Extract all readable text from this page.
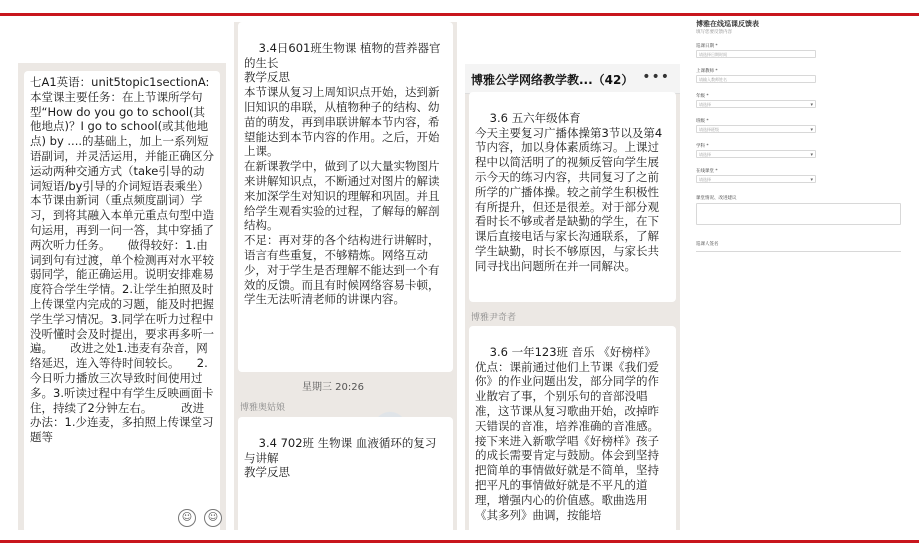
七A1英语：unit5topic1sectionA:本堂课主要任务：在上节课所学句型“How do you go to school(其他地点)？I go to school(或其他地点) by ....的基础上，加上一系列短语副词，并灵活运用，并能正确区分运动两种交通方式（take引导的动词短语/by引导的介词短语表乘坐）本节课由新词（重点频度副词）学习，到将其融入本单元重点句型中造句运用，再到一问一答，其中穿插了两次听力任务。　　做得较好：1.由词到句有过渡，单个检测再对水平较弱同学，能正确运用。说明安排难易度符合学生学情。2.让学生拍照及时上传课堂内完成的习题，能及时把握学生学习情况。3.同学在听力过程中没听懂时会及时提出，要求再多听一遍。　　改进之处1.违麦有杂音，网络延迟，连入等待时间较长。　　2.今日听力播放三次导致时间使用过多。3.听读过程中有学生反映画面卡住，持续了2分钟左右。　　　改进办法：1.少连麦，多拍照上传课堂习题等
☺	☺

3.4日601班生物课 植物的营养器官的生长
教学反思
本节课从复习上周知识点开始，达到新旧知识的串联，从植物种子的结构、幼苗的萌发，再到串联讲解本节内容，希望能达到本节内容的作用。之后，开始上课。
在新课教学中，做到了以大量实物图片来讲解知识点，不断通过对图片的解读来加深学生对知识的理解和巩固。并且给学生观看实验的过程，了解每的解剖结构。
不足：再对芽的各个结构进行讲解时，语言有些重复，不够精炼。网络互动少，对于学生是否理解不能达到一个有效的反馈。而且有时候网络容易卡顿，学生无法听清老师的讲课内容。

星期三 20:26
博雅奥姑娘

3.4 702班 生物课 血液循环的复习与讲解
教学反思

博雅公学网络教学教...（42） •••

3.6 五六年级体育
今天主要复习广播体操第3节以及第4节内容，加以身体素质练习。上课过程中以简活明了的视频反管向学生展示今天的练习内容，共同复习了之前所学的广播体操。较之前学生积极性有所提升，但还是很差。对于部分观看时长不够或者是缺勤的学生，在下课后直接电话与家长沟通联系，了解学生缺勤，时长不够原因，与家长共同寻找出问题所在并一同解决。

博雅尹奇者

3.6 一年123班 音乐 《好榜样》
优点：课前通过他们上节课《我们爱你》的作业问题出发，部分同学的作业散宕了事，个别乐句的音部没唱准，这节课从复习歌曲开始，改掉昨天错误的音准，培养准确的音准感。接下来进入新歌学唱《好榜样》孩子的成长需要肯定与鼓励。体会到坚持把简单的事情做好就是不简单，坚持把平凡的事情做好就是不平凡的道理，增强内心的价值感。歌曲选用《其多列》曲调，按能培

博雅在线巡课反馈表
填写您要反馈内容
巡课日期 *
请选择日期时间
上课教师 *
请输入教师姓名
年级 *
请选择 ▾
班级 *
请选择班级 ▾
学科 *
请选择 ▾
在线课堂 *
请选择 ▾
课堂情况、改进建议
巡课人签名
